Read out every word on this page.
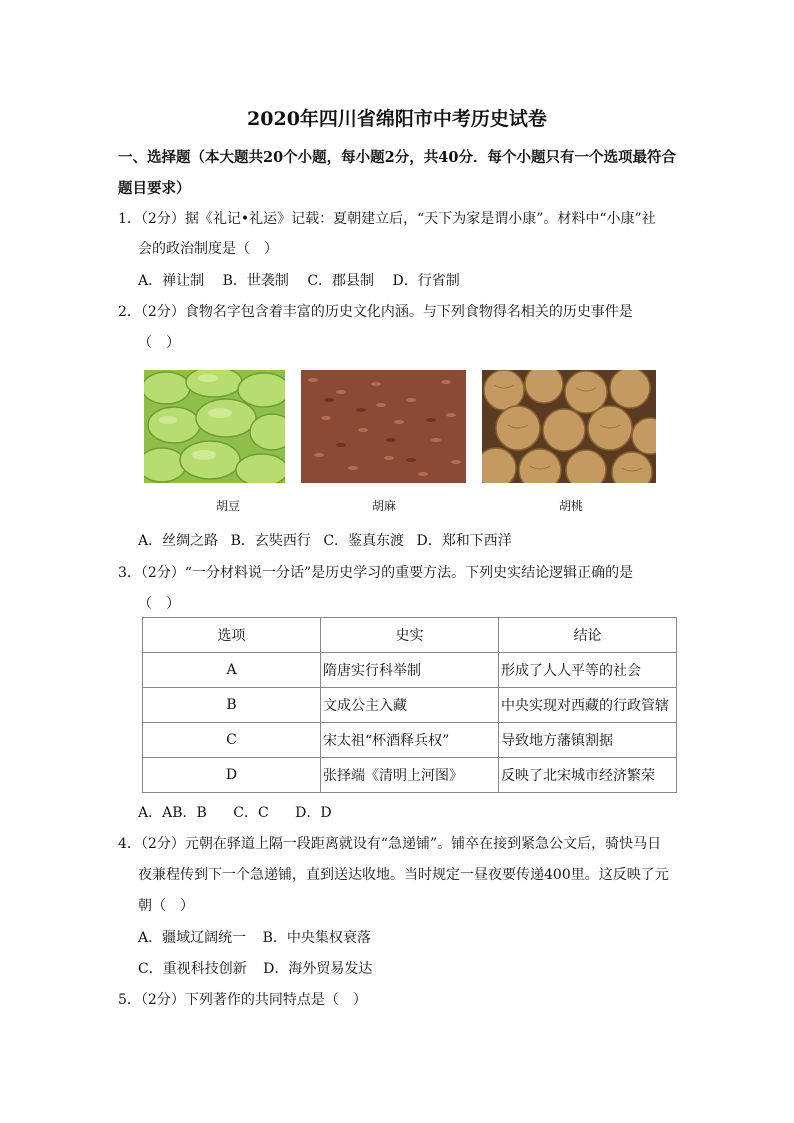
2020年四川省绵阳市中考历史试卷
一、选择题（本大题共20个小题，每小题2分，共40分．每个小题只有一个选项最符合
题目要求）
1．（2分）据《礼记•礼运》记载：夏朝建立后，“天下为家是谓小康”。材料中“小康”社
会的政治制度是（　）
A．禅让制 B．世袭制 C．郡县制 D．行省制
2．（2分）食物名字包含着丰富的历史文化内涵。与下列食物得名相关的历史事件是
（　）
胡豆	胡麻	胡桃
A．丝绸之路 B．玄奘西行 C．鉴真东渡 D．郑和下西洋
3．（2分）“一分材料说一分话”是历史学习的重要方法。下列史实结论逻辑正确的是
（　）
选项	史实	结论
A	隋唐实行科举制	形成了人人平等的社会
B	文成公主入藏	中央实现对西藏的行政管辖
C	宋太祖“杯酒释兵权”	导致地方藩镇割据
D	张择端《清明上河图》	反映了北宋城市经济繁荣
A．AB．B C．C D．D
4．（2分）元朝在驿道上隔一段距离就设有“急递铺”。铺卒在接到紧急公文后，骑快马日
夜兼程传到下一个急递铺，直到送达收地。当时规定一昼夜要传递400里。这反映了元
朝（　）
A．疆域辽阔统一 B．中央集权衰落
C．重视科技创新 D．海外贸易发达
5．（2分）下列著作的共同特点是（　）
